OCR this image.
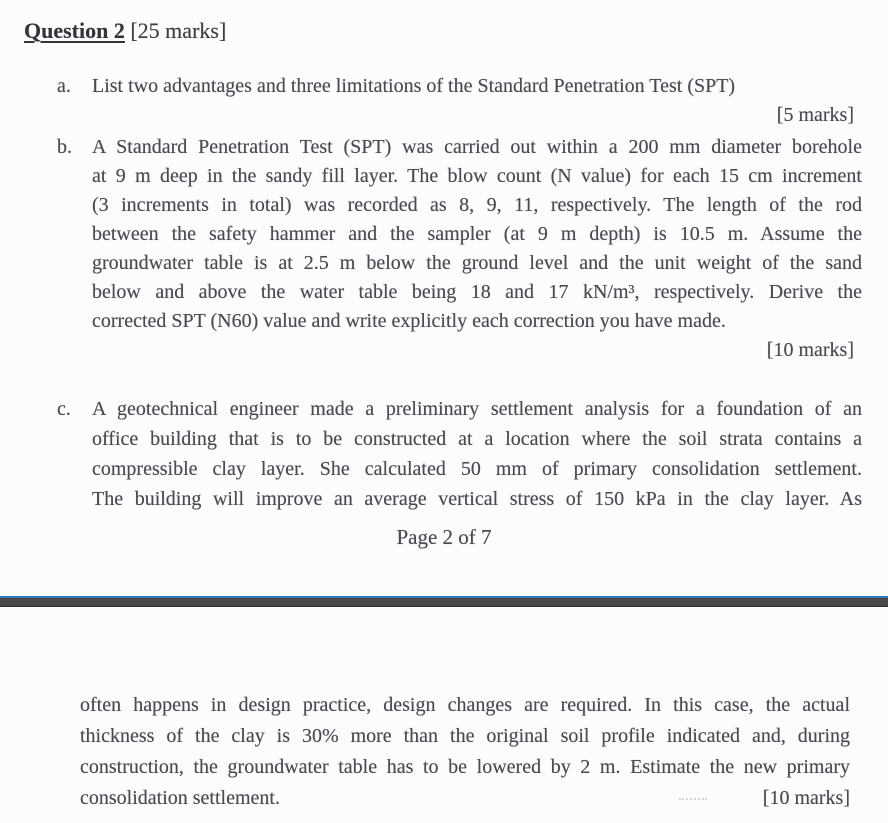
Question 2 [25 marks]
a.	List two advantages and three limitations of the Standard Penetration Test (SPT)
[5 marks]
b.	A Standard Penetration Test (SPT) was carried out within a 200 mm diameter borehole
at 9 m deep in the sandy fill layer. The blow count (N value) for each 15 cm increment
(3 increments in total) was recorded as 8, 9, 11, respectively. The length of the rod
between the safety hammer and the sampler (at 9 m depth) is 10.5 m. Assume the
groundwater table is at 2.5 m below the ground level and the unit weight of the sand
below and above the water table being 18 and 17 kN/m³, respectively. Derive the
corrected SPT (N60) value and write explicitly each correction you have made.
[10 marks]
c.	A geotechnical engineer made a preliminary settlement analysis for a foundation of an
office building that is to be constructed at a location where the soil strata contains a
compressible clay layer. She calculated 50 mm of primary consolidation settlement.
The building will improve an average vertical stress of 150 kPa in the clay layer. As
Page 2 of 7
often happens in design practice, design changes are required. In this case, the actual
thickness of the clay is 30% more than the original soil profile indicated and, during
construction, the groundwater table has to be lowered by 2 m. Estimate the new primary
consolidation settlement.	[10 marks]
